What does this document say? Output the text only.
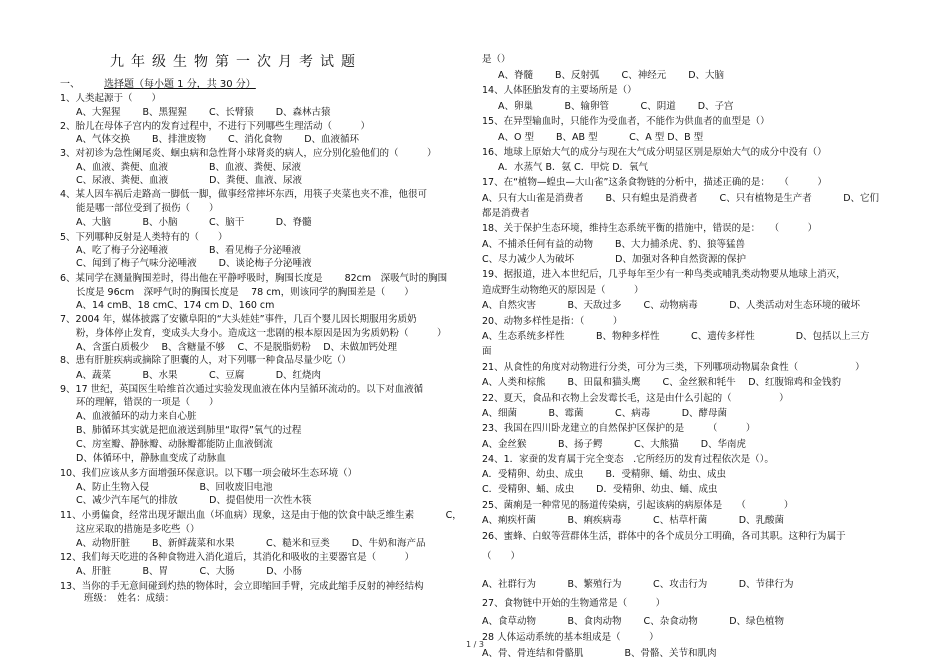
九年级生物第一次月考试题
一、 选择题（每小题 1 分，共 30 分）
1、人类起源于（　　）
A、大猩猩　　 B、黑猩猩　　 C、长臂猿　　 D、森林古猿
2、胎儿在母体子宫内的发育过程中，不进行下列哪些生理活动（　　　）
A、气体交换　　 B、排泄废物　　 C、消化食物　　 D、血液循环
3、对初诊为急性阑尾炎、蛔虫病和急性肾小球肾炎的病人，应分别化验他们的（　　　）
A、血液、粪便、血液　　　　 B、血液、粪便、尿液
C、尿液、粪便、血液　　　　 D、粪便、血液、尿液
4、某人因车祸后走路高一脚低一脚，做事经常摔坏东西，用筷子夹菜也夹不准，他很可
能是哪一部位受到了损伤（　　）
A、大脑　　　 B、小脑　　　 C、脑干　　　 D、脊髓
5、下列哪种反射是人类特有的（　　）
A、吃了梅子分泌唾液　　　　 B、看见梅子分泌唾液
C、闻到了梅子气味分泌唾液　　 D、谈论梅子分泌唾液
6、某同学在测量胸围差时，得出他在平静呼吸时，胸围长度是　　 82cm　深吸气时的胸围
长度是 96cm　深呼气时的胸围长度是　 78 cm，则该同学的胸围差是（　　）
A、14 cmB、18 cmC、174 cm D、160 cm
7、2004 年，媒体披露了安徽阜阳的“大头娃娃”事件，几百个婴儿因长期服用劣质奶
粉，身体停止发育，变成头大身小。造成这一悲剧的根本原因是因为劣质奶粉（　　　）
A、含蛋白质极少　 B、含糖量不够　 C、不是脱脂奶粉　 D、未做加钙处理
8、患有肝脏疾病或摘除了胆囊的人，对下列哪一种食品尽量少吃（）
A、蔬菜　　　 B、水果　　　 C、豆腐　　　 D、红烧肉
9、17 世纪，英国医生哈维首次通过实验发现血液在体内呈循环流动的。以下对血液循
环的理解，错误的一项是（　　）
A、血液循环的动力来自心脏
B、肺循环其实就是把血液送到肺里“取得”氧气的过程
C、房室瓣、静脉瓣、动脉瓣都能防止血液倒流
D、体循环中，静脉血变成了动脉血
10、我们应该从多方面增强环保意识。以下哪一项会破坏生态环境（）
A、防止生物入侵　　　　　 B、回收废旧电池
C、减少汽车尾气的排放　　　 D、提倡使用一次性木筷
11、小勇偏食，经常出现牙龈出血（坏血病）现象，这是由于他的饮食中缺乏维生素　　　 C，
这应采取的措施是多吃些（）
A、动物肝脏　　 B、新鲜蔬菜和水果　　　 C、糙米和豆类　　 D、牛奶和海产品
12、我们每天吃进的各种食物进入消化道后，其消化和吸收的主要器官是（　　　）
A、肝脏　　　 B、胃　　　 C、大肠　　　 D、小肠
13、当你的手无意间碰到灼热的物体时，会立即缩回手臂，完成此缩手反射的神经结构
班级：　姓名：成绩：
是（）
A、脊髓　　 B、反射弧　　 C、神经元　　 D、大脑
14、人体胚胎发育的主要场所是（）
A、卵巢　　　 B、输卵管　　　 C、阴道　　 D、子宫
15、在异型输血时，只能作为受血者，不能作为供血者的血型是（）
A、O 型　　 B、AB 型　　　 C、A 型 D、B 型
16、地球上原始大气的成分与现在大气成分明显区别是原始大气的成分中没有（）
A．水蒸气 B．氨 C．甲烷 D．氧气
17、在“植物—蝗虫—大山雀”这条食物链的分析中，描述正确的是：　　（　　　）
A、只有大山雀是消费者　　 B、只有蝗虫是消费者　　 C、只有植物是生产者　　　 D、它们
都是消费者
18、关于保护生态环境，维持生态系统平衡的措施中，错误的是：　　（　　　）
A、不捕杀任何有益的动物　　 B、大力捕杀虎、豹、狼等猛兽
C、尽力减少人为破坏　　　　 D、加强对各种自然资源的保护
19、据报道，进入本世纪后，几乎每年至少有一种鸟类或哺乳类动物要从地球上消灭，
造成野生动物绝灭的原因是（　　　）
A、自然灾害　　　 B、天敌过多　　 C、动物病毒　　　 D、人类活动对生态环境的破坏
20、动物多样性是指：（　　　）
A、生态系统多样性　　　 B、物种多样性　　　 C、遗传多样性　　　　 D、包括以上三方
面
21、从食性的角度对动物进行分类，可分为三类，下列哪项动物属杂食性（　　　　　　）
A、人类和棕熊　　 B、田鼠和猫头鹰　　 C、金丝猴和牦牛　 D、红腹锦鸡和金钱豹
22、夏天，食品和衣物上会发霉长毛，这是由什么引起的（　　　　　）
A、细菌　　　 B、霉菌　　　 C、病毒　　　 D、酵母菌
23、我国在四川卧龙建立的自然保护区保护的是　　　（　　　）
A、金丝猴　　　 B、扬子鳄　　　 C、大熊猫　　 D、华南虎
24、1．家蚕的发育属于完全变态　.它所经历的发育过程依次是（）。
A．受精卵、幼虫、成虫　　 B．受精卵、蛹、幼虫、成虫
C．受精卵、蛹、成虫　　 D．受精卵、幼虫、蛹、成虫
25、菌痢是一种常见的肠道传染病，引起该病的病原体是　　（　　　　）
A、痢疾杆菌　　　 B、痢疾病毒　　　 C、枯草杆菌　　　 D、乳酸菌
26、蜜蜂、白蚁等营群体生活，群体中的各个成员分工明确，各司其职。这种行为属于
（　　）
A、社群行为　　　 B、繁殖行为　　　 C、攻击行为　　　 D、节律行为
27、食物链中开始的生物通常是（　　　）
A、食草动物　　　 B、食肉动物　　 C、杂食动物　　　 D、绿色植物
28 人体运动系统的基本组成是（　　　）
A、骨、骨连结和骨骼肌　　　　 B、骨骼、关节和肌肉
1 / 3
